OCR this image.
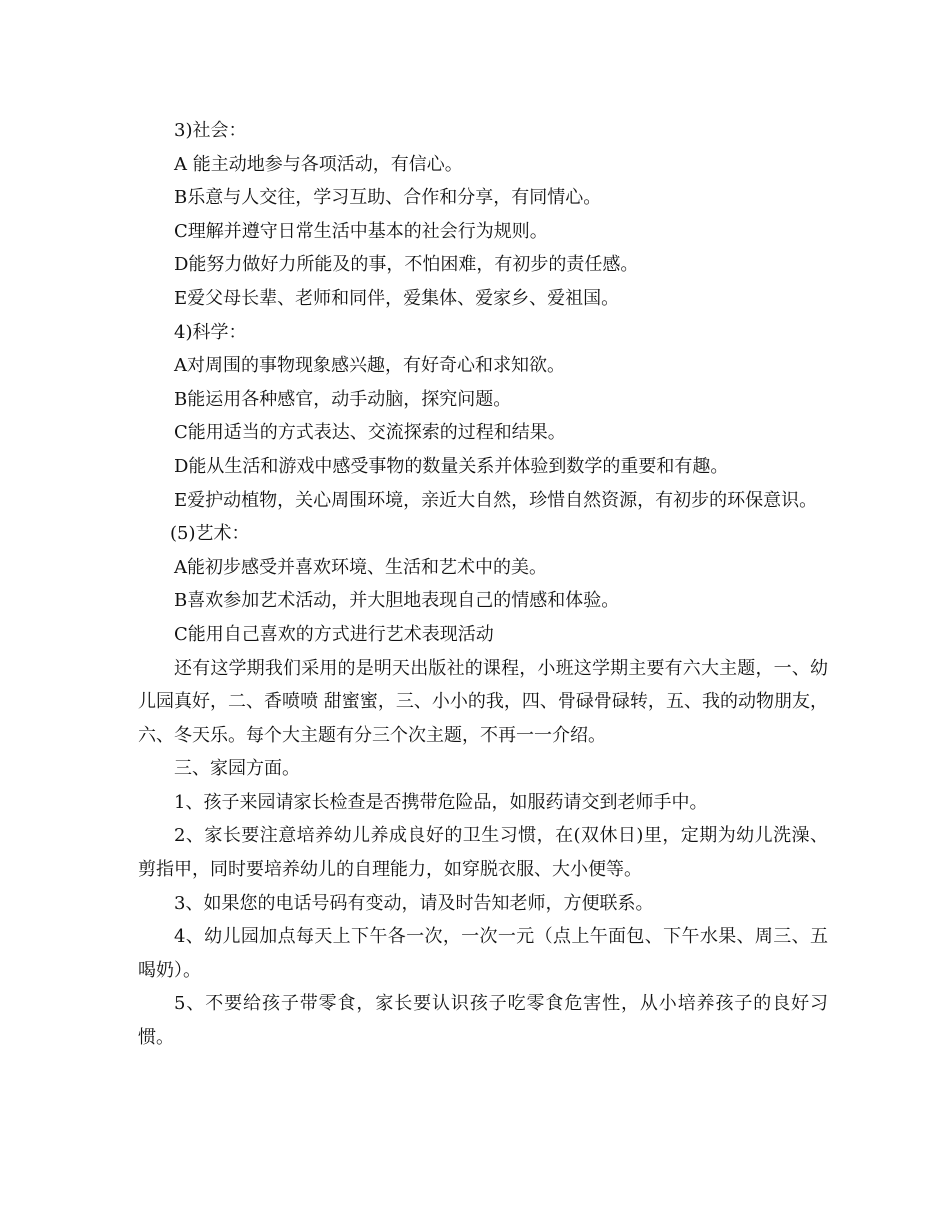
3)社会：

A 能主动地参与各项活动，有信心。

B乐意与人交往，学习互助、合作和分享，有同情心。

C理解并遵守日常生活中基本的社会行为规则。

D能努力做好力所能及的事，不怕困难，有初步的责任感。

E爱父母长辈、老师和同伴，爱集体、爱家乡、爱祖国。

4)科学：

A对周围的事物现象感兴趣，有好奇心和求知欲。

B能运用各种感官，动手动脑，探究问题。

C能用适当的方式表达、交流探索的过程和结果。

D能从生活和游戏中感受事物的数量关系并体验到数学的重要和有趣。

E爱护动植物，关心周围环境，亲近大自然，珍惜自然资源，有初步的环保意识。

(5)艺术：

A能初步感受并喜欢环境、生活和艺术中的美。

B喜欢参加艺术活动，并大胆地表现自己的情感和体验。

C能用自己喜欢的方式进行艺术表现活动

还有这学期我们采用的是明天出版社的课程，小班这学期主要有六大主题，一、幼儿园真好，二、香喷喷 甜蜜蜜，三、小小的我，四、骨碌骨碌转，五、我的动物朋友，六、冬天乐。每个大主题有分三个次主题，不再一一介绍。

三、家园方面。

1、孩子来园请家长检查是否携带危险品，如服药请交到老师手中。

2、家长要注意培养幼儿养成良好的卫生习惯，在(双休日)里，定期为幼儿洗澡、剪指甲，同时要培养幼儿的自理能力，如穿脱衣服、大小便等。

3、如果您的电话号码有变动，请及时告知老师，方便联系。

4、幼儿园加点每天上下午各一次，一次一元（点上午面包、下午水果、周三、五喝奶）。

5、不要给孩子带零食，家长要认识孩子吃零食危害性，从小培养孩子的良好习惯。
